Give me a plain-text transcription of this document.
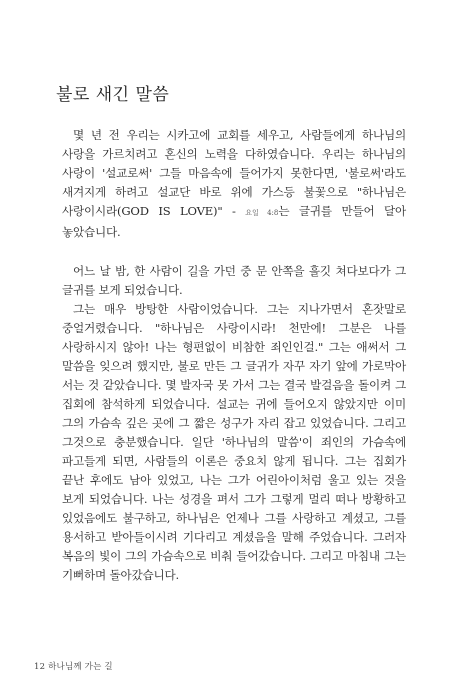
불로 새긴 말씀

몇 년 전 우리는 시카고에 교회를 세우고, 사람들에게 하나님의 사랑을 가르치려고 혼신의 노력을 다하였습니다. 우리는 하나님의 사랑이 '설교로써' 그들 마음속에 들어가지 못한다면, '불로써'라도 새겨지게 하려고 설교단 바로 위에 가스등 불꽃으로 "하나님은 사랑이시라(GOD IS LOVE)" - 요일 4:8는 글귀를 만들어 달아 놓았습니다.

어느 날 밤, 한 사람이 길을 가던 중 문 안쪽을 흘깃 쳐다보다가 그 글귀를 보게 되었습니다.

그는 매우 방탕한 사람이었습니다. 그는 지나가면서 혼잣말로 중얼거렸습니다. "하나님은 사랑이시라! 천만에! 그분은 나를 사랑하시지 않아! 나는 형편없이 비참한 죄인인걸." 그는 애써서 그 말씀을 잊으려 했지만, 불로 만든 그 글귀가 자꾸 자기 앞에 가로막아 서는 것 같았습니다. 몇 발자국 못 가서 그는 결국 발걸음을 돌이켜 그 집회에 참석하게 되었습니다. 설교는 귀에 들어오지 않았지만 이미 그의 가슴속 깊은 곳에 그 짧은 성구가 자리 잡고 있었습니다. 그리고 그것으로 충분했습니다. 일단 '하나님의 말씀'이 죄인의 가슴속에 파고들게 되면, 사람들의 이론은 중요치 않게 됩니다. 그는 집회가 끝난 후에도 남아 있었고, 나는 그가 어린아이처럼 울고 있는 것을 보게 되었습니다. 나는 성경을 펴서 그가 그렇게 멀리 떠나 방황하고 있었음에도 불구하고, 하나님은 언제나 그를 사랑하고 계셨고, 그를 용서하고 받아들이시려 기다리고 계셨음을 말해 주었습니다. 그러자 복음의 빛이 그의 가슴속으로 비춰 들어갔습니다. 그리고 마침내 그는 기뻐하며 돌아갔습니다.

12 하나님께 가는 길
